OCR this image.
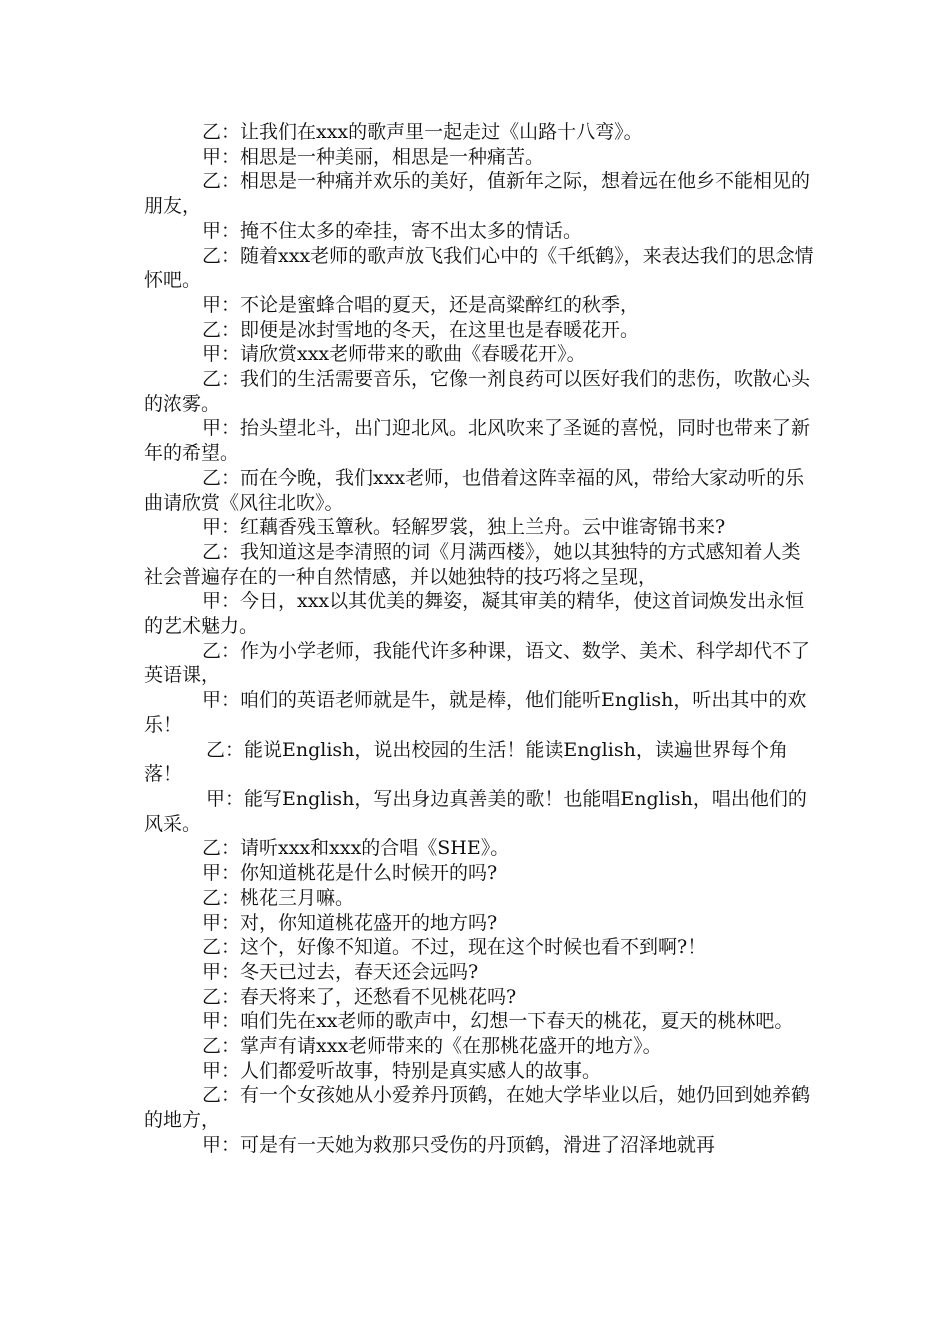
乙：让我们在xxx的歌声里一起走过《山路十八弯》。

甲：相思是一种美丽，相思是一种痛苦。

乙：相思是一种痛并欢乐的美好，值新年之际，想着远在他乡不能相见的朋友，

甲：掩不住太多的牵挂，寄不出太多的情话。

乙：随着xxx老师的歌声放飞我们心中的《千纸鹤》，来表达我们的思念情怀吧。

甲：不论是蜜蜂合唱的夏天，还是高粱醉红的秋季，

乙：即便是冰封雪地的冬天，在这里也是春暖花开。

甲：请欣赏xxx老师带来的歌曲《春暖花开》。

乙：我们的生活需要音乐，它像一剂良药可以医好我们的悲伤，吹散心头的浓雾。

甲：抬头望北斗，出门迎北风。北风吹来了圣诞的喜悦，同时也带来了新年的希望。

乙：而在今晚，我们xxx老师，也借着这阵幸福的风，带给大家动听的乐曲请欣赏《风往北吹》。

甲：红藕香残玉簟秋。轻解罗裳，独上兰舟。云中谁寄锦书来?

乙：我知道这是李清照的词《月满西楼》，她以其独特的方式感知着人类社会普遍存在的一种自然情感，并以她独特的技巧将之呈现，

甲：今日，xxx以其优美的舞姿，凝其审美的精华，使这首词焕发出永恒的艺术魅力。

乙：作为小学老师，我能代许多种课，语文、数学、美术、科学却代不了英语课，

甲：咱们的英语老师就是牛，就是棒，他们能听English，听出其中的欢乐！

乙：能说English，说出校园的生活！能读English，读遍世界每个角落！

甲：能写English，写出身边真善美的歌！也能唱English，唱出他们的风采。

乙：请听xxx和xxx的合唱《SHE》。

甲：你知道桃花是什么时候开的吗?

乙：桃花三月嘛。

甲：对，你知道桃花盛开的地方吗?

乙：这个，好像不知道。不过，现在这个时候也看不到啊?！

甲：冬天已过去，春天还会远吗?

乙：春天将来了，还愁看不见桃花吗?

甲：咱们先在xx老师的歌声中，幻想一下春天的桃花，夏天的桃林吧。

乙：掌声有请xxx老师带来的《在那桃花盛开的地方》。

甲：人们都爱听故事，特别是真实感人的故事。

乙：有一个女孩她从小爱养丹顶鹤，在她大学毕业以后，她仍回到她养鹤的地方，

甲：可是有一天她为救那只受伤的丹顶鹤，滑进了沼泽地就再
